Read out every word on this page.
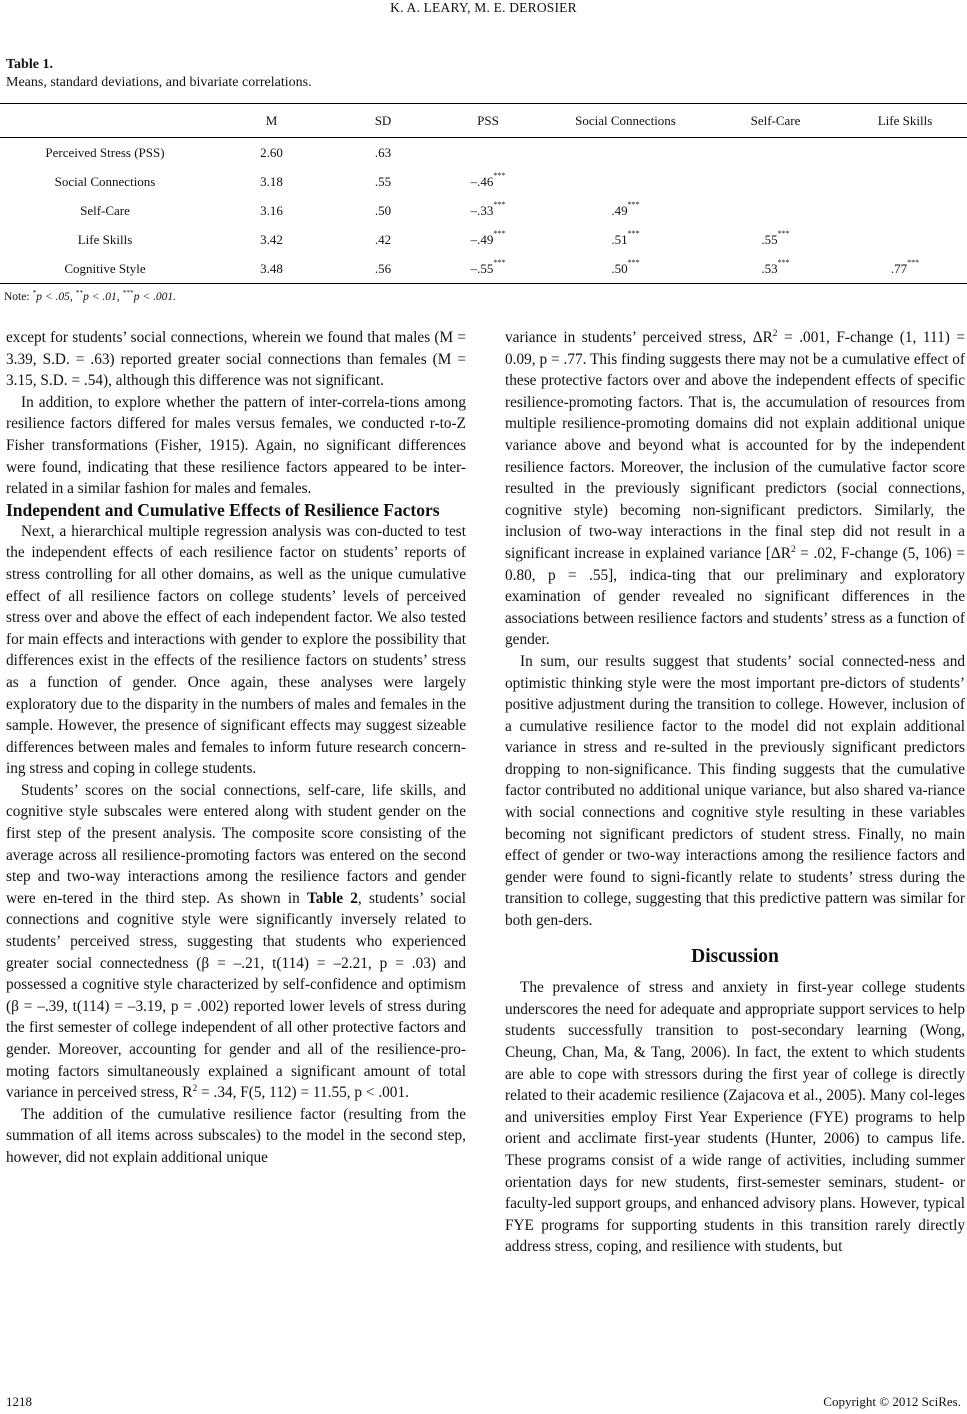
K. A. LEARY, M. E. DEROSIER
Table 1.
Means, standard deviations, and bivariate correlations.
	M	SD	PSS	Social Connections	Self-Care	Life Skills
Perceived Stress (PSS)	2.60	.63				
Social Connections	3.18	.55	–.46***			
Self-Care	3.16	.50	–.33***	.49***		
Life Skills	3.42	.42	–.49***	.51***	.55***	
Cognitive Style	3.48	.56	–.55***	.50***	.53***	.77***
Note: *p < .05, **p < .01, ***p < .001.

except for students’ social connections, wherein we found that males (M = 3.39, S.D. = .63) reported greater social connections than females (M = 3.15, S.D. = .54), although this difference was not significant.

In addition, to explore whether the pattern of inter-correla-tions among resilience factors differed for males versus females, we conducted r-to-Z Fisher transformations (Fisher, 1915). Again, no significant differences were found, indicating that these resilience factors appeared to be inter-related in a similar fashion for males and females.

Independent and Cumulative Effects of Resilience Factors

Next, a hierarchical multiple regression analysis was con-ducted to test the independent effects of each resilience factor on students’ reports of stress controlling for all other domains, as well as the unique cumulative effect of all resilience factors on college students’ levels of perceived stress over and above the effect of each independent factor. We also tested for main effects and interactions with gender to explore the possibility that differences exist in the effects of the resilience factors on students’ stress as a function of gender. Once again, these analyses were largely exploratory due to the disparity in the numbers of males and females in the sample. However, the presence of significant effects may suggest sizeable differences between males and females to inform future research concern-ing stress and coping in college students.

Students’ scores on the social connections, self-care, life skills, and cognitive style subscales were entered along with student gender on the first step of the present analysis. The composite score consisting of the average across all resilience-promoting factors was entered on the second step and two-way interactions among the resilience factors and gender were en-tered in the third step. As shown in Table 2, students’ social connections and cognitive style were significantly inversely related to students’ perceived stress, suggesting that students who experienced greater social connectedness (β = –.21, t(114) = –2.21, p = .03) and possessed a cognitive style characterized by self-confidence and optimism (β = –.39, t(114) = –3.19, p = .002) reported lower levels of stress during the first semester of college independent of all other protective factors and gender. Moreover, accounting for gender and all of the resilience-pro-moting factors simultaneously explained a significant amount of total variance in perceived stress, $R^2 = .34$, F(5, 112) = 11.55, p < .001.

The addition of the cumulative resilience factor (resulting from the summation of all items across subscales) to the model in the second step, however, did not explain additional unique

variance in students’ perceived stress, $\Delta R^2 = .001$, F-change (1, 111) = 0.09, p = .77. This finding suggests there may not be a cumulative effect of these protective factors over and above the independent effects of specific resilience-promoting factors. That is, the accumulation of resources from multiple resilience-promoting domains did not explain additional unique variance above and beyond what is accounted for by the independent resilience factors. Moreover, the inclusion of the cumulative factor score resulted in the previously significant predictors (social connections, cognitive style) becoming non-significant predictors. Similarly, the inclusion of two-way interactions in the final step did not result in a significant increase in explained variance [$\Delta R^2 = .02$, F-change (5, 106) = 0.80, p = .55], indica-ting that our preliminary and exploratory examination of gender revealed no significant differences in the associations between resilience factors and students’ stress as a function of gender.

In sum, our results suggest that students’ social connected-ness and optimistic thinking style were the most important pre-dictors of students’ positive adjustment during the transition to college. However, inclusion of a cumulative resilience factor to the model did not explain additional variance in stress and re-sulted in the previously significant predictors dropping to non-significance. This finding suggests that the cumulative factor contributed no additional unique variance, but also shared va-riance with social connections and cognitive style resulting in these variables becoming not significant predictors of student stress. Finally, no main effect of gender or two-way interactions among the resilience factors and gender were found to signi-ficantly relate to students’ stress during the transition to college, suggesting that this predictive pattern was similar for both gen-ders.

Discussion

The prevalence of stress and anxiety in first-year college students underscores the need for adequate and appropriate support services to help students successfully transition to post-secondary learning (Wong, Cheung, Chan, Ma, & Tang, 2006). In fact, the extent to which students are able to cope with stressors during the first year of college is directly related to their academic resilience (Zajacova et al., 2005). Many col-leges and universities employ First Year Experience (FYE) programs to help orient and acclimate first-year students (Hunter, 2006) to campus life. These programs consist of a wide range of activities, including summer orientation days for new students, first-semester seminars, student- or faculty-led support groups, and enhanced advisory plans. However, typical FYE programs for supporting students in this transition rarely directly address stress, coping, and resilience with students, but

1218	Copyright © 2012 SciRes.
